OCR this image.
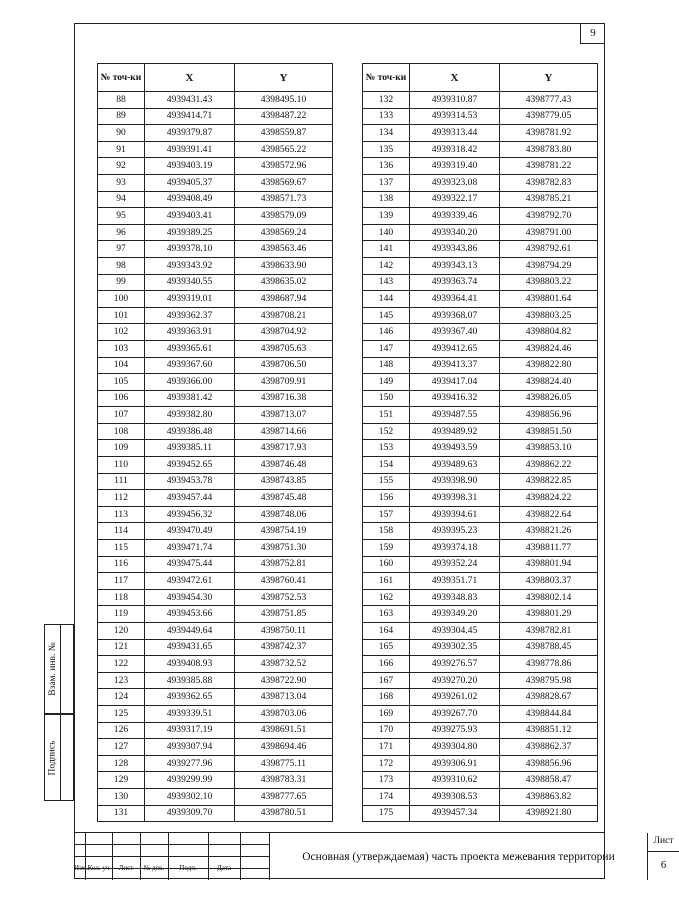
9
№ точ-ки	X	Y
88	4939431.43	4398495.10
89	4939414.71	4398487.22
90	4939379.87	4398559.87
91	4939391.41	4398565.22
92	4939403.19	4398572.96
93	4939405.37	4398569.67
94	4939408.49	4398571.73
95	4939403.41	4398579.09
96	4939389.25	4398569.24
97	4939378.10	4398563.46
98	4939343.92	4398633.90
99	4939340.55	4398635.02
100	4939319.01	4398687.94
101	4939362.37	4398708.21
102	4939363.91	4398704.92
103	4939365.61	4398705.63
104	4939367.60	4398706.50
105	4939366.00	4398709.91
106	4939381.42	4398716.38
107	4939382.80	4398713.07
108	4939386.48	4398714.66
109	4939385.11	4398717.93
110	4939452.65	4398746.48
111	4939453.78	4398743.85
112	4939457.44	4398745.48
113	4939456.32	4398748.06
114	4939470.49	4398754.19
115	4939471.74	4398751.30
116	4939475.44	4398752.81
117	4939472.61	4398760.41
118	4939454.30	4398752.53
119	4939453.66	4398751.85
120	4939449.64	4398750.11
121	4939431.65	4398742.37
122	4939408.93	4398732.52
123	4939385.88	4398722.90
124	4939362.65	4398713.04
125	4939339.51	4398703.06
126	4939317.19	4398691.51
127	4939307.94	4398694.46
128	4939277.96	4398775.11
129	4939299.99	4398783.31
130	4939302.10	4398777.65
131	4939309.70	4398780.51
№ точ-ки	X	Y
132	4939310.87	4398777.43
133	4939314.53	4398779.05
134	4939313.44	4398781.92
135	4939318.42	4398783.80
136	4939319.40	4398781.22
137	4939323.08	4398782.83
138	4939322.17	4398785.21
139	4939339.46	4398792.70
140	4939340.20	4398791.00
141	4939343.86	4398792.61
142	4939343.13	4398794.29
143	4939363.74	4398803.22
144	4939364.41	4398801.64
145	4939368.07	4398803.25
146	4939367.40	4398804.82
147	4939412.65	4398824.46
148	4939413.37	4398822.80
149	4939417.04	4398824.40
150	4939416.32	4398826.05
151	4939487.55	4398856.96
152	4939489.92	4398851.50
153	4939493.59	4398853.10
154	4939489.63	4398862.22
155	4939398.90	4398822.85
156	4939398.31	4398824.22
157	4939394.61	4398822.64
158	4939395.23	4398821.26
159	4939374.18	4398811.77
160	4939352.24	4398801.94
161	4939351.71	4398803.37
162	4939348.83	4398802.14
163	4939349.20	4398801.29
164	4939304.45	4398782.81
165	4939302.35	4398788.45
166	4939276.57	4398778.86
167	4939270.20	4398795.98
168	4939261.02	4398828.67
169	4939267.70	4398844.84
170	4939275.93	4398851.12
171	4939304.80	4398862.37
172	4939306.91	4398856.96
173	4939310.62	4398858.47
174	4939308.53	4398863.82
175	4939457.34	4398921.80
Взам. инв. №
Подпись
Основная (утверждаемая) часть проекта межевания территории
Лист
6
Изм. Кол. уч	Лист	№ док.	Подп.	Дата
